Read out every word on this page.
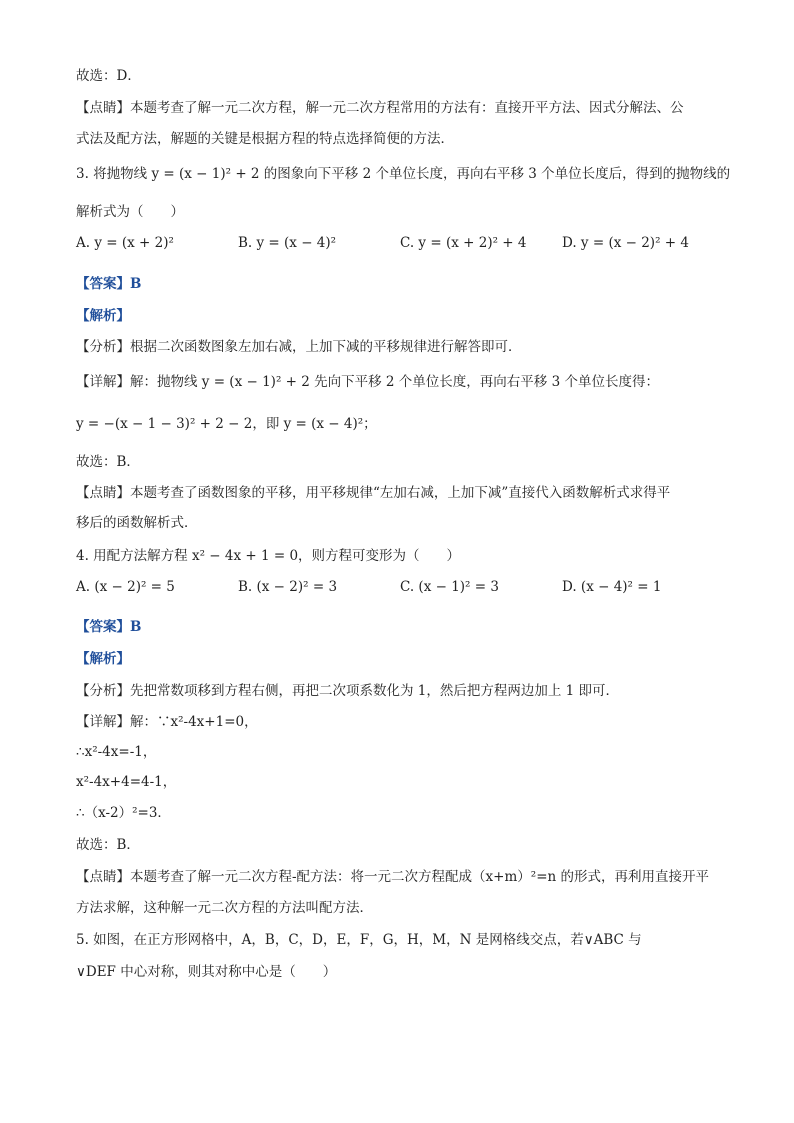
故选：D．
【点睛】本题考查了解一元二次方程，解一元二次方程常用的方法有：直接开平方法、因式分解法、公
式法及配方法，解题的关键是根据方程的特点选择简便的方法．
3. 将抛物线 y = (x − 1)² + 2 的图象向下平移 2 个单位长度，再向右平移 3 个单位长度后，得到的抛物线的
解析式为（　　）
A. y = (x + 2)²	B. y = (x − 4)²	C. y = (x + 2)² + 4	D. y = (x − 2)² + 4
【答案】B
【解析】
【分析】根据二次函数图象左加右减，上加下减的平移规律进行解答即可．
【详解】解：抛物线 y = (x − 1)² + 2 先向下平移 2 个单位长度，再向右平移 3 个单位长度得：
y = −(x − 1 − 3)² + 2 − 2，即 y = (x − 4)²；
故选：B．
【点睛】本题考查了函数图象的平移，用平移规律“左加右减，上加下减”直接代入函数解析式求得平
移后的函数解析式．
4. 用配方法解方程 x² − 4x + 1 = 0，则方程可变形为（　　）
A. (x − 2)² = 5	B. (x − 2)² = 3	C. (x − 1)² = 3	D. (x − 4)² = 1
【答案】B
【解析】
【分析】先把常数项移到方程右侧，再把二次项系数化为 1，然后把方程两边加上 1 即可．
【详解】解：∵x²-4x+1=0，
∴x²-4x=-1，
x²-4x+4=4-1，
∴（x-2）²=3．
故选：B．
【点睛】本题考查了解一元二次方程-配方法：将一元二次方程配成（x+m）²=n 的形式，再利用直接开平
方法求解，这种解一元二次方程的方法叫配方法．
5. 如图，在正方形网格中，A，B，C，D，E，F，G，H，M，N 是网格线交点，若∨ABC 与
∨DEF 中心对称，则其对称中心是（　　）
